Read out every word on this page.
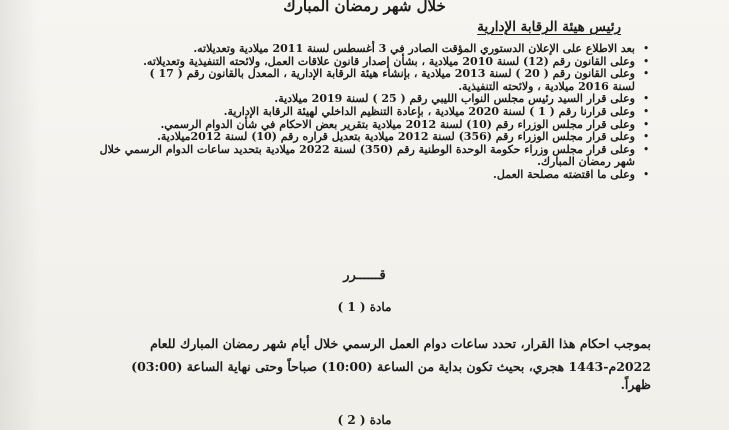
خلال شهر رمضان المبارك
رئيس هيئة الرقابة الإدارية
•
بعد الاطلاع على الإعلان الدستوري المؤقت الصادر في 3 أغسطس لسنة 2011 ميلادية وتعديلاته.
•
وعلى القانون رقم (12) لسنة 2010 ميلادية ، بشأن إصدار قانون علاقات العمل، ولائحته التنفيذية وتعديلاته.
•
وعلى القانون رقم ( 20 ) لسنة 2013 ميلادية ، بإنشاء هيئة الرقابة الإدارية ، المعدل بالقانون رقم ( 17 )
لسنة 2016 ميلادية ، ولائحته التنفيذية.
•
وعلى قرار السيد رئيس مجلس النواب الليبي رقم ( 25 ) لسنة 2019 ميلادية.
•
وعلى قرارنا رقم ( 1 ) لسنة 2020 ميلادية ، بإعادة التنظيم الداخلي لهيئة الرقابة الإدارية.
•
وعلى قرار مجلس الوزراء رقم (10) لسنة 2012 ميلادية بتقرير بعض الاحكام في شأن الدوام الرسمي.
•
وعلى قرار مجلس الوزراء رقم (356) لسنة 2012 ميلادية بتعديل قراره رقم (10) لسنة 2012ميلادية.
•
وعلى قرار مجلس وزراء حكومة الوحدة الوطنية رقم (350) لسنة 2022 ميلادية بتحديد ساعات الدوام الرسمي خلال
شهر رمضان المبارك.
•
وعلى ما اقتضته مصلحة العمل.
قــــــرر
مادة ( 1 )
بموجب احكام هذا القرار، تحدد ساعات دوام العمل الرسمي خلال أيام شهر رمضان المبارك للعام
2022م-1443 هجري، بحيث تكون بداية من الساعة (10:00) صباحاً وحتى نهاية الساعة (03:00)
ظهراً.
مادة ( 2 )
